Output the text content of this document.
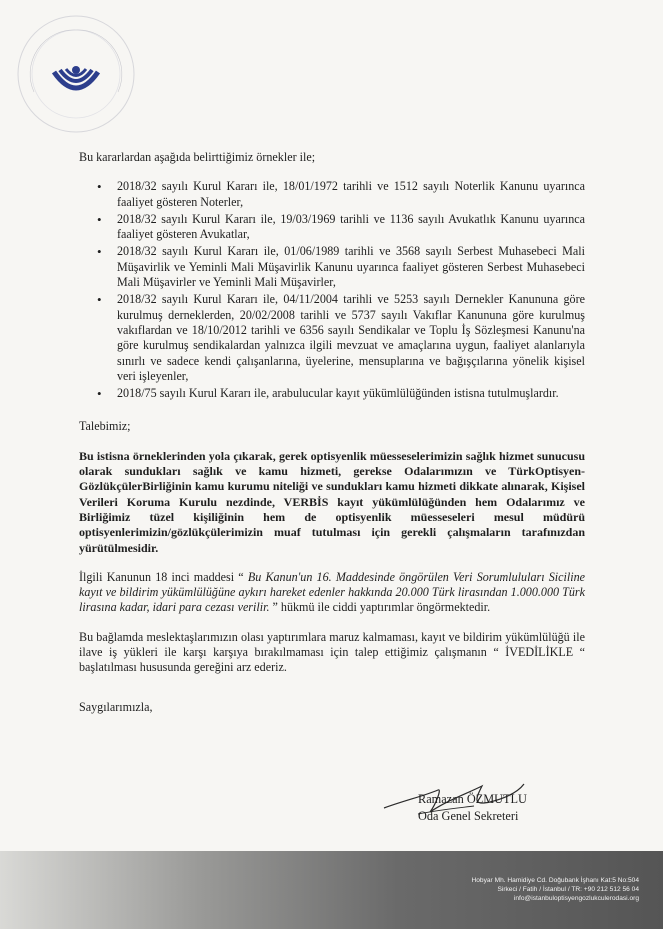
Bu kararlardan aşağıda belirttiğimiz örnekler ile;

• 2018/32 sayılı Kurul Kararı ile, 18/01/1972 tarihli ve 1512 sayılı Noterlik Kanunu uyarınca faaliyet gösteren Noterler,
• 2018/32 sayılı Kurul Kararı ile, 19/03/1969 tarihli ve 1136 sayılı Avukatlık Kanunu uyarınca faaliyet gösteren Avukatlar,
• 2018/32 sayılı Kurul Kararı ile, 01/06/1989 tarihli ve 3568 sayılı Serbest Muhasebeci Mali Müşavirlik ve Yeminli Mali Müşavirlik Kanunu uyarınca faaliyet gösteren Serbest Muhasebeci Mali Müşavirler ve Yeminli Mali Müşavirler,
• 2018/32 sayılı Kurul Kararı ile, 04/11/2004 tarihli ve 5253 sayılı Dernekler Kanununa göre kurulmuş derneklerden, 20/02/2008 tarihli ve 5737 sayılı Vakıflar Kanununa göre kurulmuş vakıflardan ve 18/10/2012 tarihli ve 6356 sayılı Sendikalar ve Toplu İş Sözleşmesi Kanunu'na göre kurulmuş sendikalardan yalnızca ilgili mevzuat ve amaçlarına uygun, faaliyet alanlarıyla sınırlı ve sadece kendi çalışanlarına, üyelerine, mensuplarına ve bağışçılarına yönelik kişisel veri işleyenler,
• 2018/75 sayılı Kurul Kararı ile, arabulucular kayıt yükümlülüğünden istisna tutulmuşlardır.

Talebimiz;

Bu istisna örneklerinden yola çıkarak, gerek optisyenlik müesseselerimizin sağlık hizmet sunucusu olarak sundukları sağlık ve kamu hizmeti, gerekse Odalarımızın ve TürkOptisyen-GözlükçülerBirliğinin kamu kurumu niteliği ve sundukları kamu hizmeti dikkate alınarak, Kişisel Verileri Koruma Kurulu nezdinde, VERBİS kayıt yükümlülüğünden hem Odalarımız ve Birliğimiz tüzel kişiliğinin hem de optisyenlik müesseseleri mesul müdürü optisyenlerimizin/gözlükçülerimizin muaf tutulması için gerekli çalışmaların tarafınızdan yürütülmesidir.

İlgili Kanunun 18 inci maddesi “ Bu Kanun'un 16. Maddesinde öngörülen Veri Sorumluluları Siciline kayıt ve bildirim yükümlülüğüne aykırı hareket edenler hakkında 20.000 Türk lirasından 1.000.000 Türk lirasına kadar, idari para cezası verilir. ” hükmü ile ciddi yaptırımlar öngörmektedir.

Bu bağlamda meslektaşlarımızın olası yaptırımlara maruz kalmaması, kayıt ve bildirim yükümlülüğü ile ilave iş yükleri ile karşı karşıya bırakılmaması için talep ettiğimiz çalışmanın “ İVEDİLİKLE “ başlatılması hususunda gereğini arz ederiz.

Saygılarımızla,

Ramazan ÖZMUTLU
Oda Genel Sekreteri
Hobyar Mh. Hamidiye Cd. Doğubank İşhanı Kat:5 No:504
Sirkeci / Fatih / İstanbul / TR: +90 212 512 56 04
info@istanbuloptisyengozlukculerodasi.org
